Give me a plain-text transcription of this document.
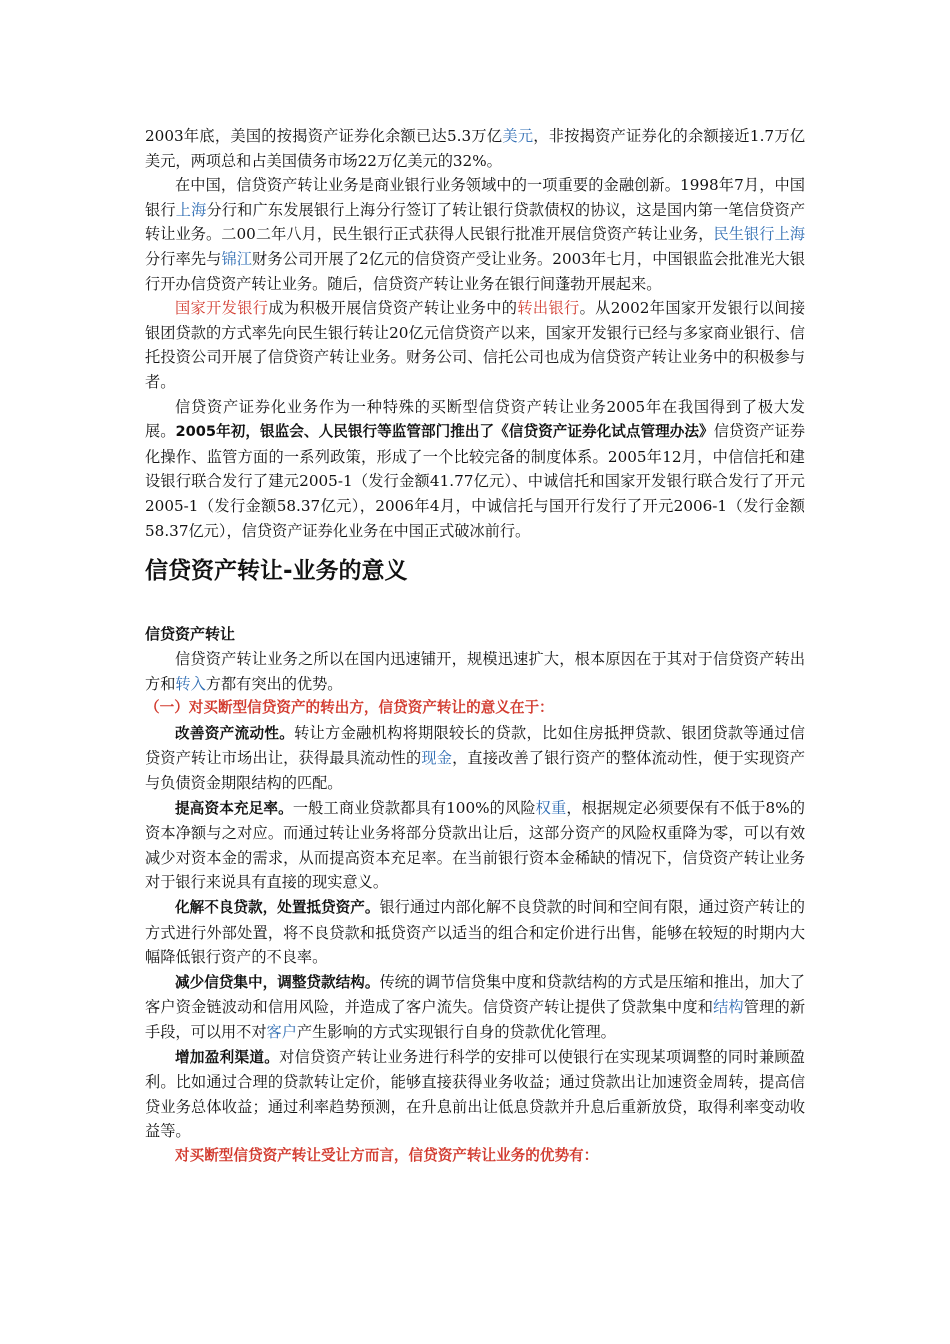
2003年底，美国的按揭资产证券化余额已达5.3万亿美元，非按揭资产证券化的余额接近1.7万亿美元，两项总和占美国债务市场22万亿美元的32%。

在中国，信贷资产转让业务是商业银行业务领域中的一项重要的金融创新。1998年7月，中国银行上海分行和广东发展银行上海分行签订了转让银行贷款债权的协议，这是国内第一笔信贷资产转让业务。二00二年八月，民生银行正式获得人民银行批准开展信贷资产转让业务，民生银行上海分行率先与锦江财务公司开展了2亿元的信贷资产受让业务。2003年七月，中国银监会批准光大银行开办信贷资产转让业务。随后，信贷资产转让业务在银行间蓬勃开展起来。

国家开发银行成为积极开展信贷资产转让业务中的转出银行。从2002年国家开发银行以间接银团贷款的方式率先向民生银行转让20亿元信贷资产以来，国家开发银行已经与多家商业银行、信托投资公司开展了信贷资产转让业务。财务公司、信托公司也成为信贷资产转让业务中的积极参与者。

信贷资产证券化业务作为一种特殊的买断型信贷资产转让业务2005年在我国得到了极大发展。2005年初，银监会、人民银行等监管部门推出了《信贷资产证券化试点管理办法》信贷资产证券化操作、监管方面的一系列政策，形成了一个比较完备的制度体系。2005年12月，中信信托和建设银行联合发行了建元2005-1（发行金额41.77亿元）、中诚信托和国家开发银行联合发行了开元2005-1（发行金额58.37亿元），2006年4月，中诚信托与国开行发行了开元2006-1（发行金额58.37亿元），信贷资产证券化业务在中国正式破冰前行。

信贷资产转让-业务的意义
信贷资产转让

信贷资产转让业务之所以在国内迅速铺开，规模迅速扩大，根本原因在于其对于信贷资产转出方和转入方都有突出的优势。

（一）对买断型信贷资产的转出方，信贷资产转让的意义在于：

改善资产流动性。转让方金融机构将期限较长的贷款，比如住房抵押贷款、银团贷款等通过信贷资产转让市场出让，获得最具流动性的现金，直接改善了银行资产的整体流动性，便于实现资产与负债资金期限结构的匹配。

提高资本充足率。一般工商业贷款都具有100%的风险权重，根据规定必须要保有不低于8%的资本净额与之对应。而通过转让业务将部分贷款出让后，这部分资产的风险权重降为零，可以有效减少对资本金的需求，从而提高资本充足率。在当前银行资本金稀缺的情况下，信贷资产转让业务对于银行来说具有直接的现实意义。

化解不良贷款，处置抵贷资产。银行通过内部化解不良贷款的时间和空间有限，通过资产转让的方式进行外部处置，将不良贷款和抵贷资产以适当的组合和定价进行出售，能够在较短的时期内大幅降低银行资产的不良率。

减少信贷集中，调整贷款结构。传统的调节信贷集中度和贷款结构的方式是压缩和推出，加大了客户资金链波动和信用风险，并造成了客户流失。信贷资产转让提供了贷款集中度和结构管理的新手段，可以用不对客户产生影响的方式实现银行自身的贷款优化管理。

增加盈利渠道。对信贷资产转让业务进行科学的安排可以使银行在实现某项调整的同时兼顾盈利。比如通过合理的贷款转让定价，能够直接获得业务收益；通过贷款出让加速资金周转，提高信贷业务总体收益；通过利率趋势预测，在升息前出让低息贷款并升息后重新放贷，取得利率变动收益等。

对买断型信贷资产转让受让方而言，信贷资产转让业务的优势有：
